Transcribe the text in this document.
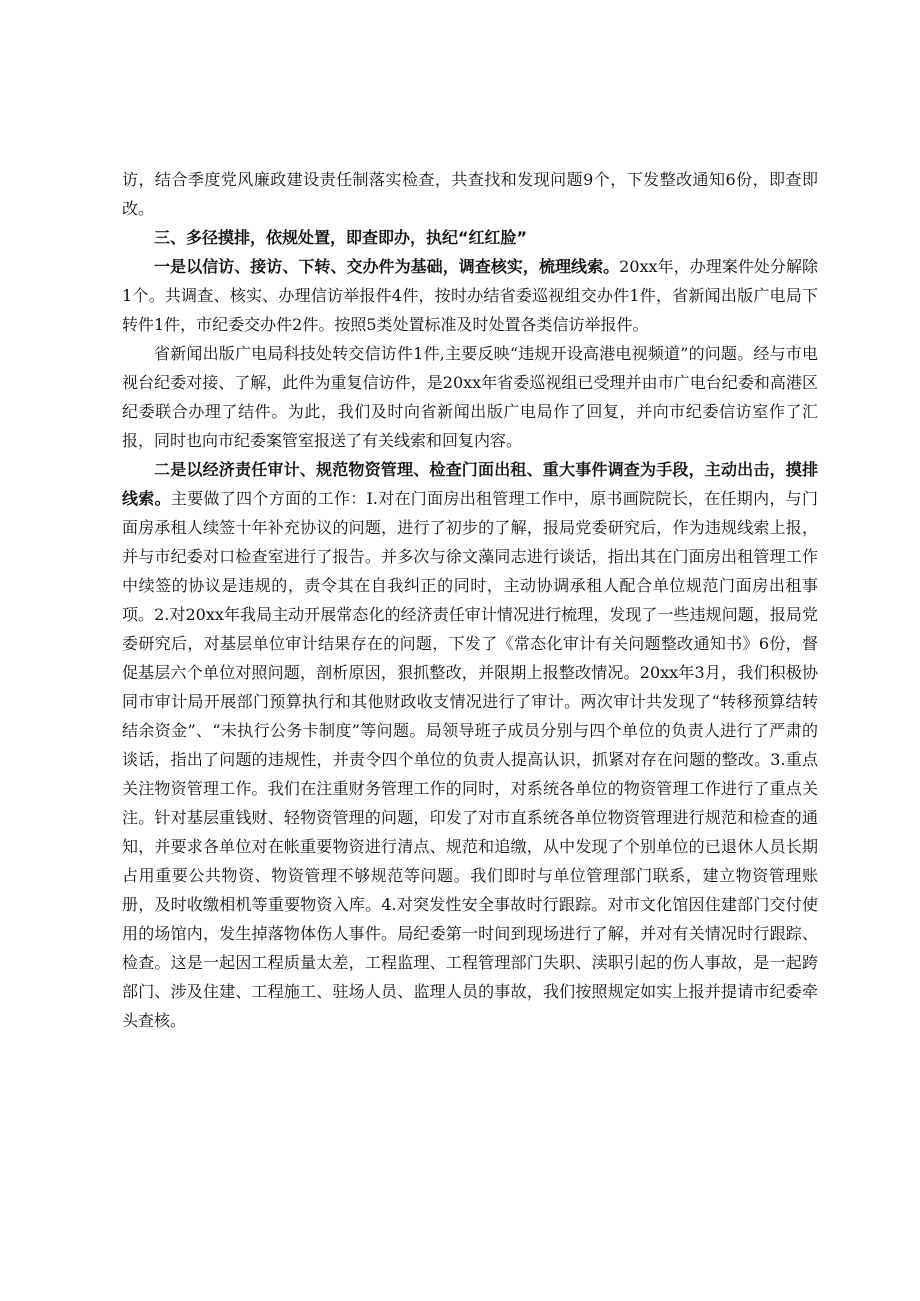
访，结合季度党风廉政建设责任制落实检查，共查找和发现问题9个，下发整改通知6份，即查即改。

三、多径摸排，依规处置，即查即办，执纪“红红脸”

一是以信访、接访、下转、交办件为基础，调查核实，梳理线索。20xx年，办理案件处分解除1个。共调查、核实、办理信访举报件4件，按时办结省委巡视组交办件1件，省新闻出版广电局下转件1件，市纪委交办件2件。按照5类处置标准及时处置各类信访举报件。

省新闻出版广电局科技处转交信访件1件,主要反映“违规开设高港电视频道”的问题。经与市电视台纪委对接、了解，此件为重复信访件，是20xx年省委巡视组已受理并由市广电台纪委和高港区纪委联合办理了结件。为此，我们及时向省新闻出版广电局作了回复，并向市纪委信访室作了汇报，同时也向市纪委案管室报送了有关线索和回复内容。

二是以经济责任审计、规范物资管理、检查门面出租、重大事件调查为手段，主动出击，摸排线索。主要做了四个方面的工作：I.对在门面房出租管理工作中，原书画院院长，在任期内，与门面房承租人续签十年补充协议的问题，进行了初步的了解，报局党委研究后，作为违规线索上报，并与市纪委对口检查室进行了报告。并多次与徐文藻同志进行谈话，指出其在门面房出租管理工作中续签的协议是违规的，责令其在自我纠正的同时，主动协调承租人配合单位规范门面房出租事项。2.对20xx年我局主动开展常态化的经济责任审计情况进行梳理，发现了一些违规问题，报局党委研究后，对基层单位审计结果存在的问题，下发了《常态化审计有关问题整改通知书》6份，督促基层六个单位对照问题，剖析原因，狠抓整改，并限期上报整改情况。20xx年3月，我们积极协同市审计局开展部门预算执行和其他财政收支情况进行了审计。两次审计共发现了“转移预算结转结余资金”、“未执行公务卡制度”等问题。局领导班子成员分别与四个单位的负责人进行了严肃的谈话，指出了问题的违规性，并责令四个单位的负责人提高认识，抓紧对存在问题的整改。3.重点关注物资管理工作。我们在注重财务管理工作的同时，对系统各单位的物资管理工作进行了重点关注。针对基层重钱财、轻物资管理的问题，印发了对市直系统各单位物资管理进行规范和检查的通知，并要求各单位对在帐重要物资进行清点、规范和追缴，从中发现了个别单位的已退休人员长期占用重要公共物资、物资管理不够规范等问题。我们即时与单位管理部门联系，建立物资管理账册，及时收缴相机等重要物资入库。4.对突发性安全事故时行跟踪。对市文化馆因住建部门交付使用的场馆内，发生掉落物体伤人事件。局纪委第一时间到现场进行了解，并对有关情况时行跟踪、检查。这是一起因工程质量太差，工程监理、工程管理部门失职、渎职引起的伤人事故，是一起跨部门、涉及住建、工程施工、驻场人员、监理人员的事故，我们按照规定如实上报并提请市纪委牵头查核。
